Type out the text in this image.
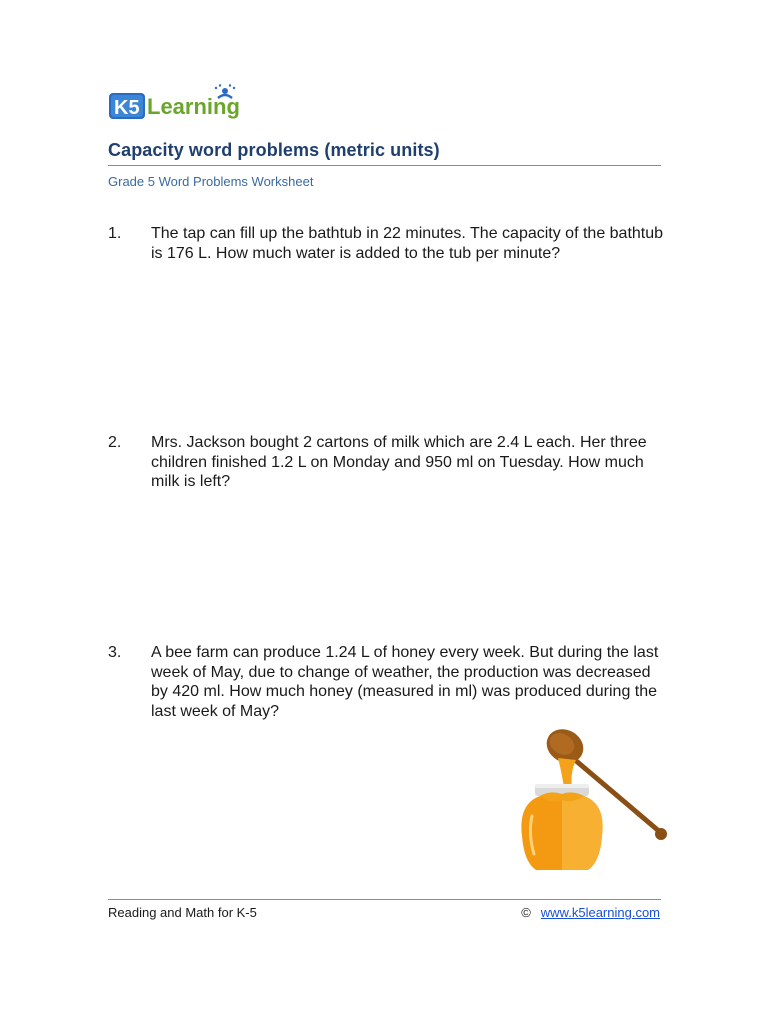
K5 Learning
Capacity word problems (metric units)
Grade 5 Word Problems Worksheet
1.	The tap can fill up the bathtub in 22 minutes. The capacity of the bathtub is 176 L. How much water is added to the tub per minute?
2.	Mrs. Jackson bought 2 cartons of milk which are 2.4 L each. Her three children finished 1.2 L on Monday and 950 ml on Tuesday. How much milk is left?
3.	A bee farm can produce 1.24 L of honey every week. But during the last week of May, due to change of weather, the production was decreased by 420 ml. How much honey (measured in ml) was produced during the last week of May?
Reading and Math for K-5	© www.k5learning.com
